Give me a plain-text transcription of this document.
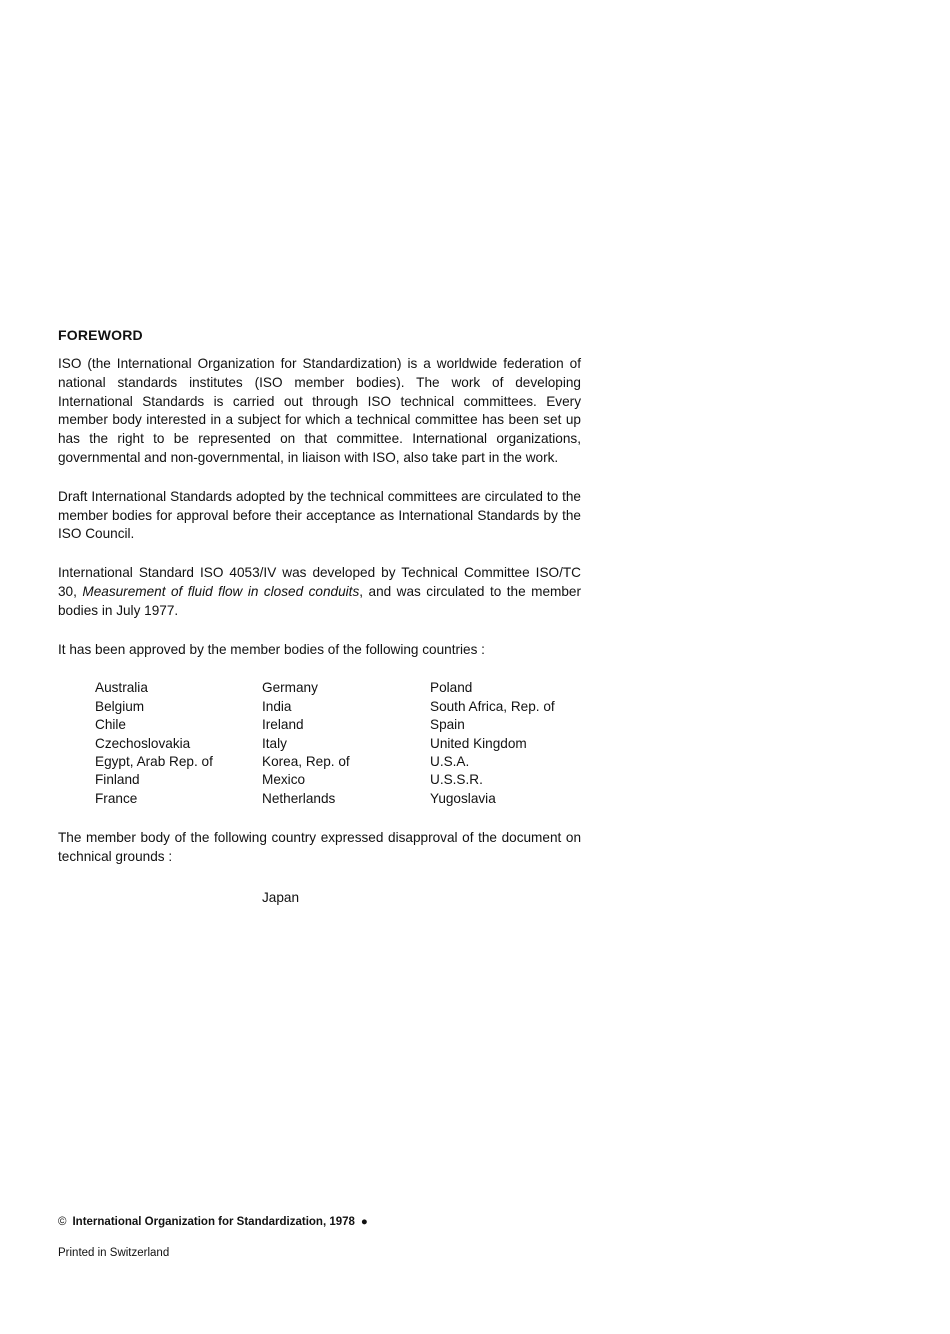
FOREWORD

ISO (the International Organization for Standardization) is a worldwide federation of national standards institutes (ISO member bodies). The work of developing International Standards is carried out through ISO technical committees. Every member body interested in a subject for which a technical committee has been set up has the right to be represented on that committee. International organizations, governmental and non-governmental, in liaison with ISO, also take part in the work.

Draft International Standards adopted by the technical committees are circulated to the member bodies for approval before their acceptance as International Standards by the ISO Council.

International Standard ISO 4053/IV was developed by Technical Committee ISO/TC 30, Measurement of fluid flow in closed conduits, and was circulated to the member bodies in July 1977.

It has been approved by the member bodies of the following countries :

Australia
Belgium
Chile
Czechoslovakia
Egypt, Arab Rep. of
Finland
France
Germany
India
Ireland
Italy
Korea, Rep. of
Mexico
Netherlands
Poland
South Africa, Rep. of
Spain
United Kingdom
U.S.A.
U.S.S.R.
Yugoslavia

The member body of the following country expressed disapproval of the document on technical grounds :

Japan
© International Organization for Standardization, 1978 ●
Printed in Switzerland
